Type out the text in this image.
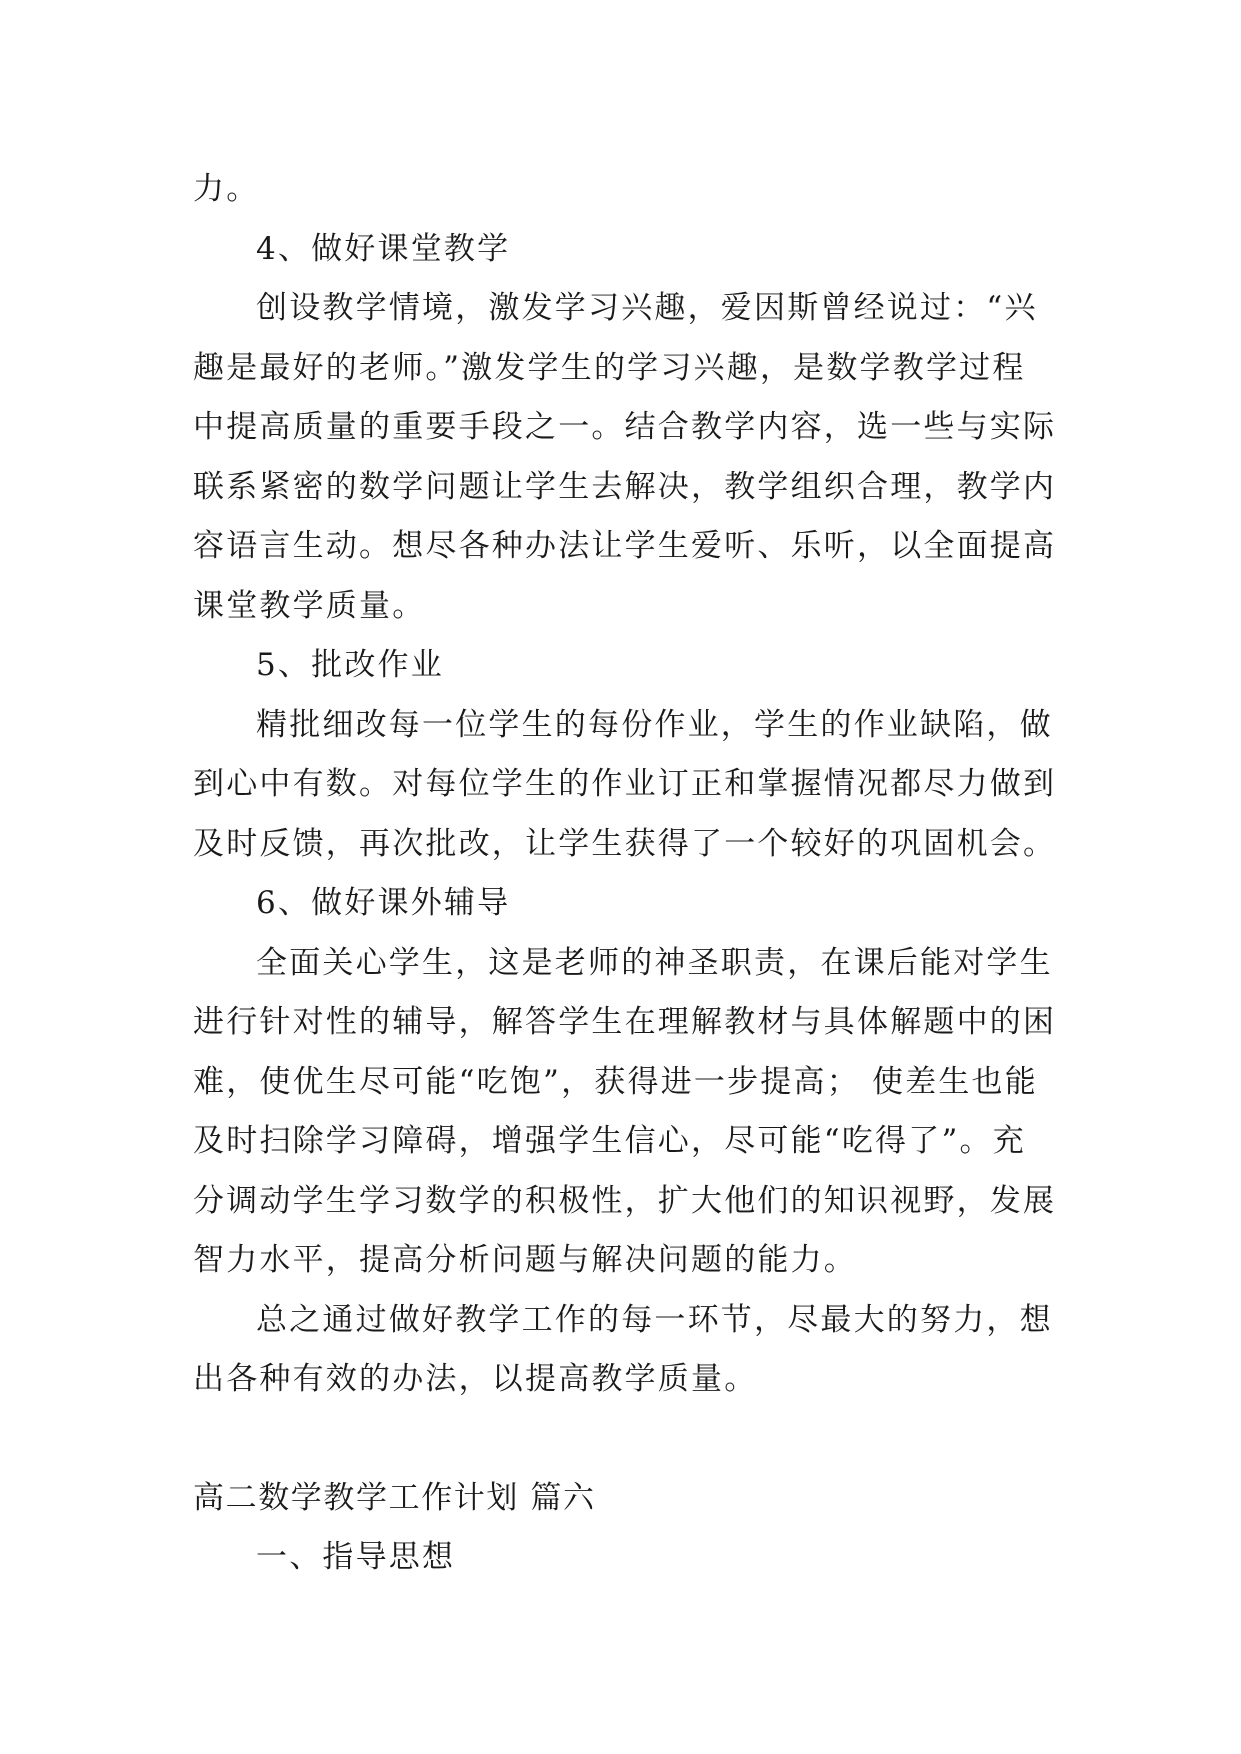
力。
4、做好课堂教学
创设教学情境，激发学习兴趣，爱因斯曾经说过：“兴
趣是最好的老师。”激发学生的学习兴趣，是数学教学过程
中提高质量的重要手段之一。结合教学内容，选一些与实际
联系紧密的数学问题让学生去解决，教学组织合理，教学内
容语言生动。想尽各种办法让学生爱听、乐听，以全面提高
课堂教学质量。
5、批改作业
精批细改每一位学生的每份作业，学生的作业缺陷，做
到心中有数。对每位学生的作业订正和掌握情况都尽力做到
及时反馈，再次批改，让学生获得了一个较好的巩固机会。
6、做好课外辅导
全面关心学生，这是老师的神圣职责，在课后能对学生
进行针对性的辅导，解答学生在理解教材与具体解题中的困
难，使优生尽可能“吃饱”，获得进一步提高； 使差生也能
及时扫除学习障碍，增强学生信心，尽可能“吃得了”。充
分调动学生学习数学的积极性，扩大他们的知识视野，发展
智力水平，提高分析问题与解决问题的能力。
总之通过做好教学工作的每一环节，尽最大的努力，想
出各种有效的办法，以提高教学质量。
高二数学教学工作计划 篇六
一、指导思想
